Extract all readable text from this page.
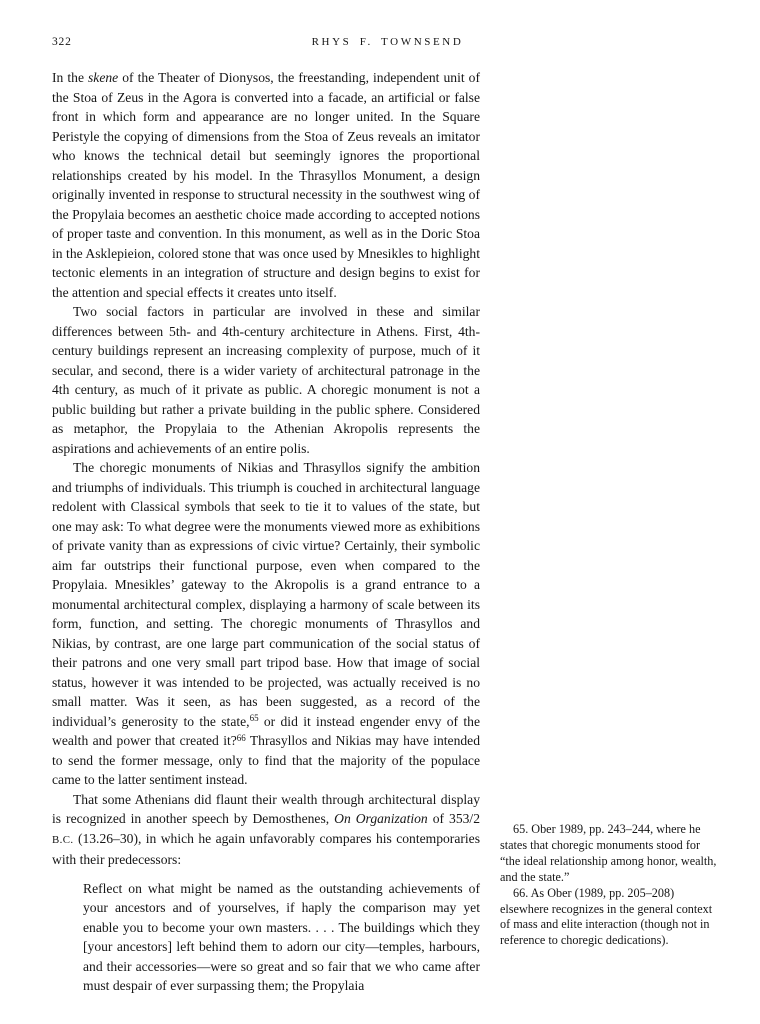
322	RHYS F. TOWNSEND

In the skene of the Theater of Dionysos, the freestanding, independent unit of the Stoa of Zeus in the Agora is converted into a facade, an artificial or false front in which form and appearance are no longer united. In the Square Peristyle the copying of dimensions from the Stoa of Zeus reveals an imitator who knows the technical detail but seemingly ignores the proportional relationships created by his model. In the Thrasyllos Monument, a design originally invented in response to structural necessity in the southwest wing of the Propylaia becomes an aesthetic choice made according to accepted notions of proper taste and convention. In this monument, as well as in the Doric Stoa in the Asklepieion, colored stone that was once used by Mnesikles to highlight tectonic elements in an integration of structure and design begins to exist for the attention and special effects it creates unto itself.

Two social factors in particular are involved in these and similar differences between 5th- and 4th-century architecture in Athens. First, 4th-century buildings represent an increasing complexity of purpose, much of it secular, and second, there is a wider variety of architectural patronage in the 4th century, as much of it private as public. A choregic monument is not a public building but rather a private building in the public sphere. Considered as metaphor, the Propylaia to the Athenian Akropolis represents the aspirations and achievements of an entire polis.

The choregic monuments of Nikias and Thrasyllos signify the ambition and triumphs of individuals. This triumph is couched in architectural language redolent with Classical symbols that seek to tie it to values of the state, but one may ask: To what degree were the monuments viewed more as exhibitions of private vanity than as expressions of civic virtue? Certainly, their symbolic aim far outstrips their functional purpose, even when compared to the Propylaia. Mnesikles’ gateway to the Akropolis is a grand entrance to a monumental architectural complex, displaying a harmony of scale between its form, function, and setting. The choregic monuments of Thrasyllos and Nikias, by contrast, are one large part communication of the social status of their patrons and one very small part tripod base. How that image of social status, however it was intended to be projected, was actually received is no small matter. Was it seen, as has been suggested, as a record of the individual’s generosity to the state,$^{65}$ or did it instead engender envy of the wealth and power that created it?$^{66}$ Thrasyllos and Nikias may have intended to send the former message, only to find that the majority of the populace came to the latter sentiment instead.

That some Athenians did flaunt their wealth through architectural display is recognized in another speech by Demosthenes, On Organization of 353/2 B.C. (13.26–30), in which he again unfavorably compares his contemporaries with their predecessors:

Reflect on what might be named as the outstanding achievements of your ancestors and of yourselves, if haply the comparison may yet enable you to become your own masters. . . . The buildings which they [your ancestors] left behind them to adorn our city—temples, harbours, and their accessories—were so great and so fair that we who came after must despair of ever surpassing them; the Propylaia

65. Ober 1989, pp. 243–244, where he states that choregic monuments stood for “the ideal relationship among honor, wealth, and the state.”

66. As Ober (1989, pp. 205–208) elsewhere recognizes in the general context of mass and elite interaction (though not in reference to choregic dedications).
